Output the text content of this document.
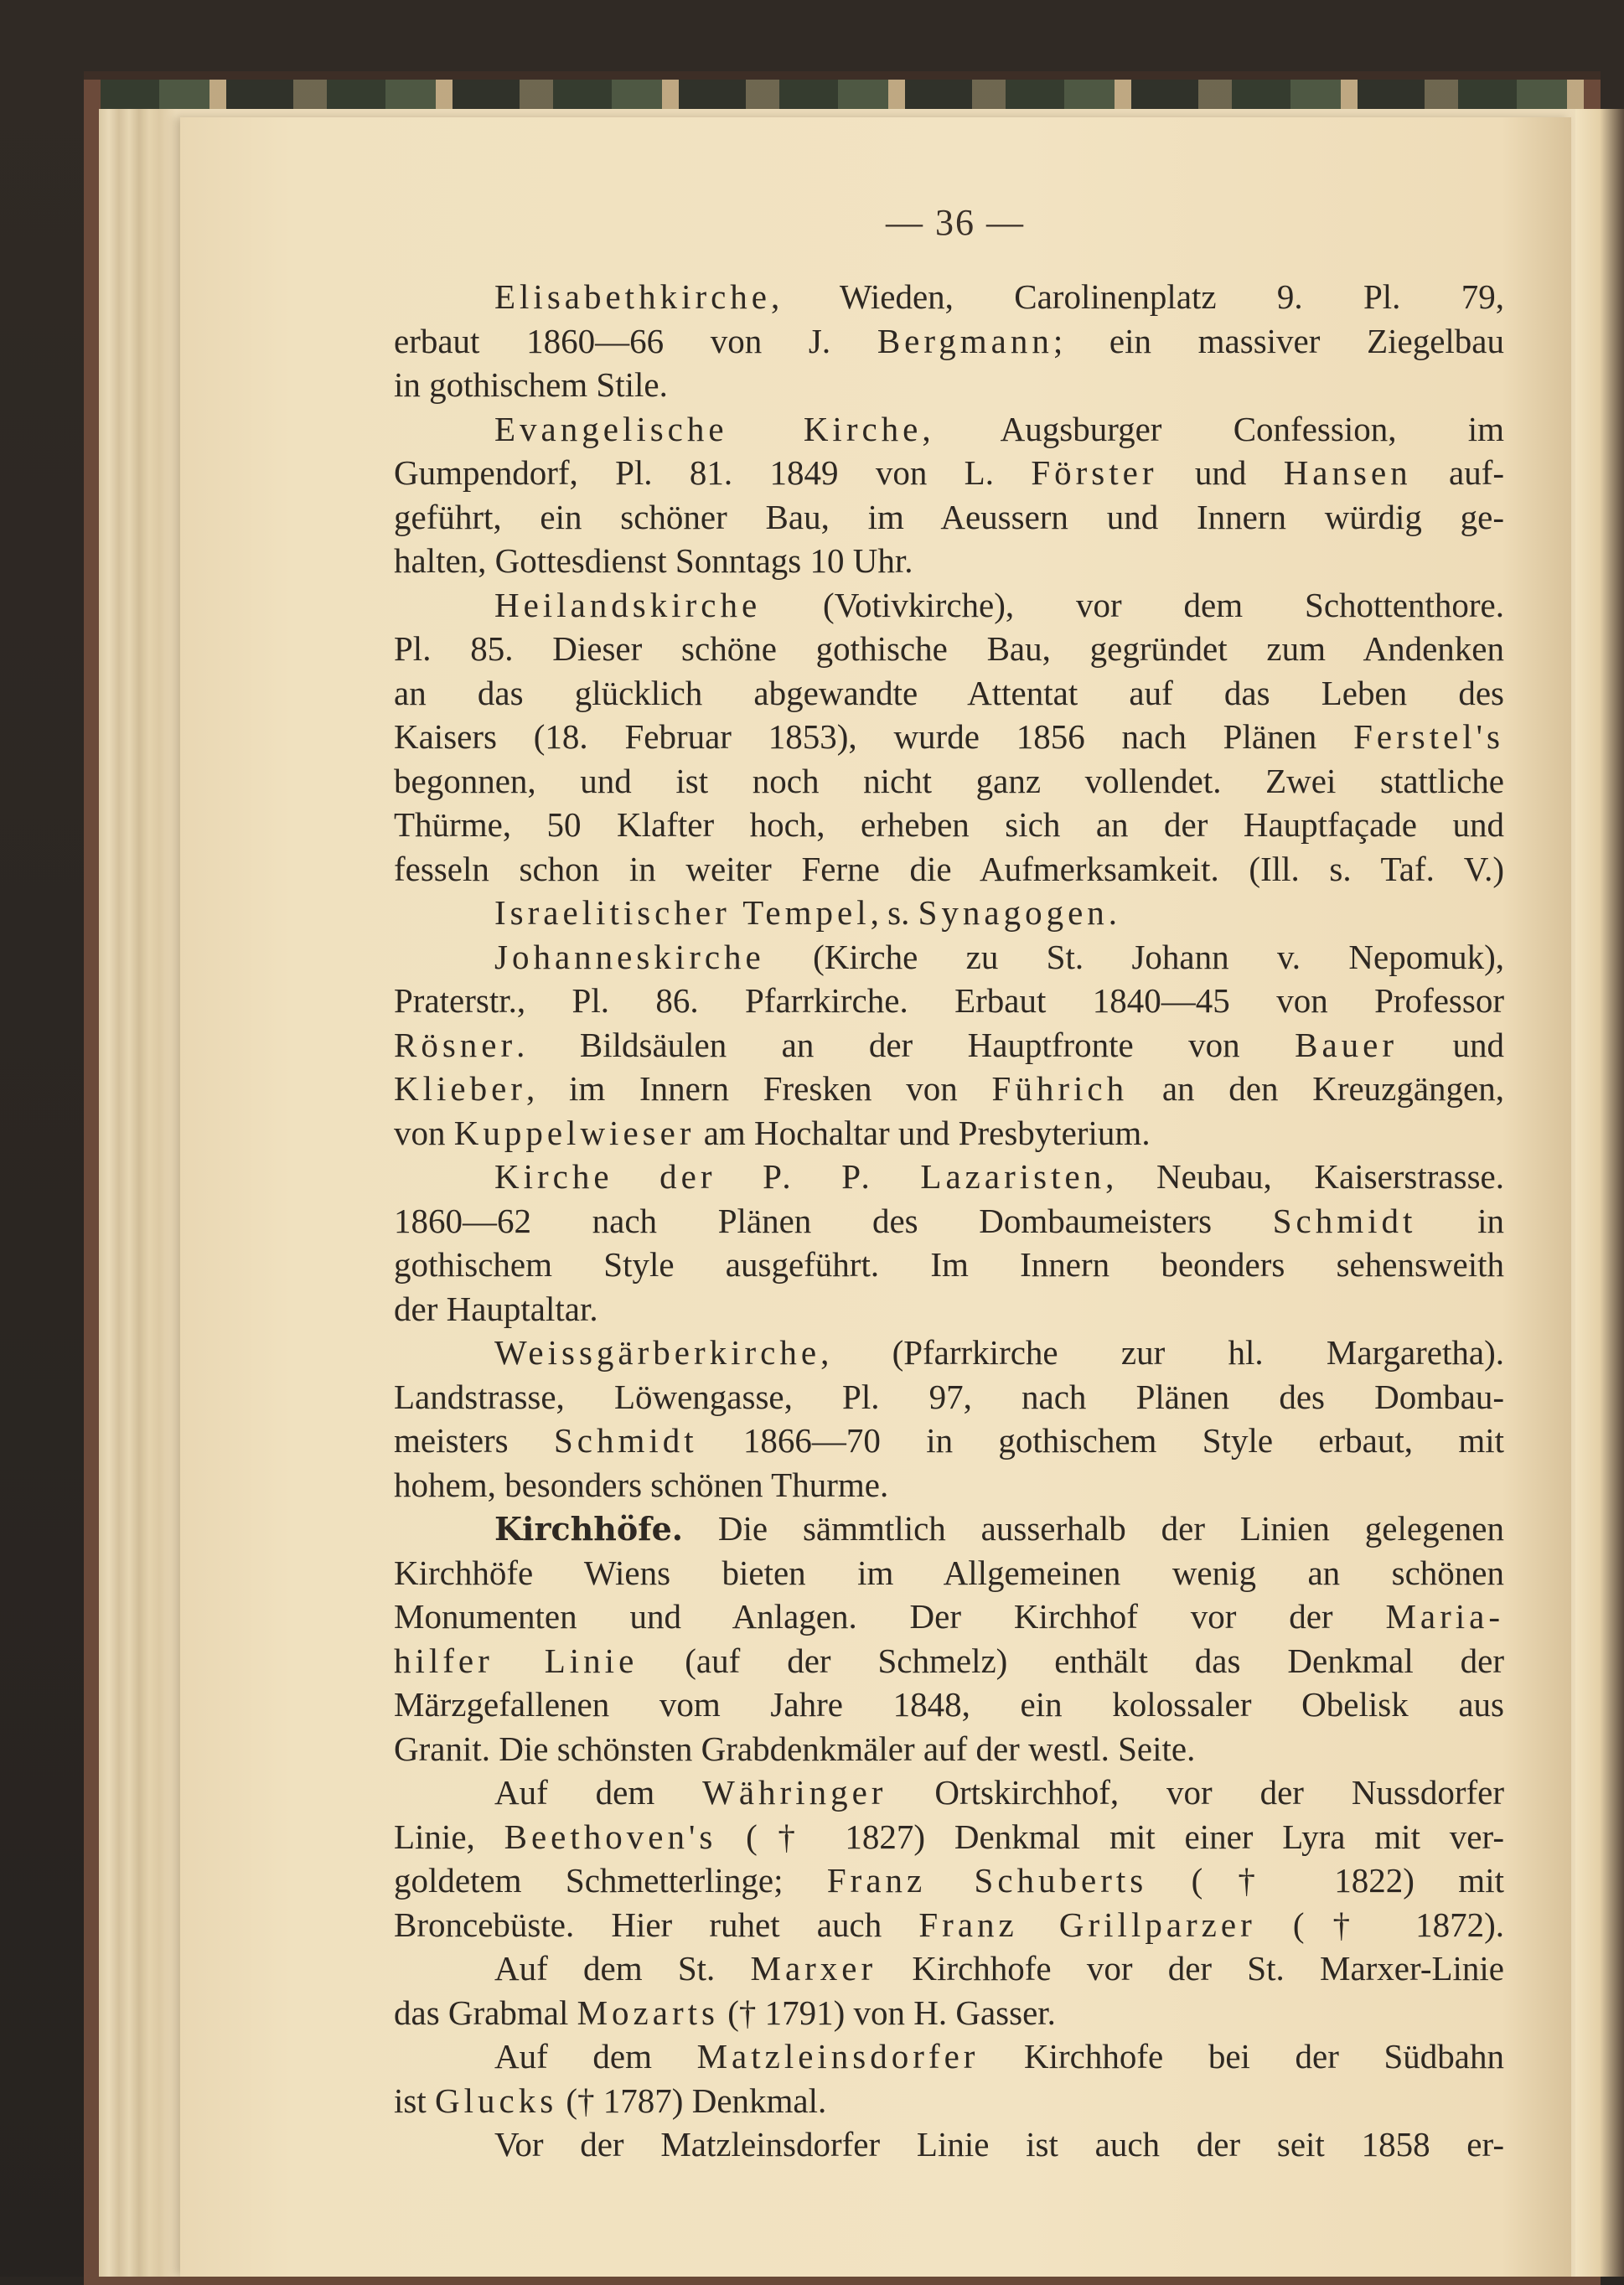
— 36 —
Elisabethkirche, Wieden, Carolinenplatz 9. Pl. 79,
erbaut 1860—66 von J. Bergmann; ein massiver Ziegelbau
in gothischem Stile.
Evangelische Kirche, Augsburger Confession, im
Gumpendorf, Pl. 81. 1849 von L. Förster und Hansen auf-
geführt, ein schöner Bau, im Aeussern und Innern würdig ge-
halten, Gottesdienst Sonntags 10 Uhr.
Heilandskirche (Votivkirche), vor dem Schottenthore.
Pl. 85. Dieser schöne gothische Bau, gegründet zum Andenken
an das glücklich abgewandte Attentat auf das Leben des
Kaisers (18. Februar 1853), wurde 1856 nach Plänen Ferstel's
begonnen, und ist noch nicht ganz vollendet. Zwei stattliche
Thürme, 50 Klafter hoch, erheben sich an der Hauptfaçade und
fesseln schon in weiter Ferne die Aufmerksamkeit. (Ill. s. Taf. V.)
Israelitischer Tempel, s. Synagogen.
Johanneskirche (Kirche zu St. Johann v. Nepomuk),
Praterstr., Pl. 86. Pfarrkirche. Erbaut 1840—45 von Professor
Rösner. Bildsäulen an der Hauptfronte von Bauer und
Klieber, im Innern Fresken von Führich an den Kreuzgängen,
von Kuppelwieser am Hochaltar und Presbyterium.
Kirche der P. P. Lazaristen, Neubau, Kaiserstrasse.
1860—62 nach Plänen des Dombaumeisters Schmidt in
gothischem Style ausgeführt. Im Innern beonders sehensweith
der Hauptaltar.
Weissgärberkirche, (Pfarrkirche zur hl. Margaretha).
Landstrasse, Löwengasse, Pl. 97, nach Plänen des Dombau-
meisters Schmidt 1866—70 in gothischem Style erbaut, mit
hohem, besonders schönen Thurme.
Kirchhöfe. Die sämmtlich ausserhalb der Linien gelegenen
Kirchhöfe Wiens bieten im Allgemeinen wenig an schönen
Monumenten und Anlagen. Der Kirchhof vor der Maria-
hilfer Linie (auf der Schmelz) enthält das Denkmal der
Märzgefallenen vom Jahre 1848, ein kolossaler Obelisk aus
Granit. Die schönsten Grabdenkmäler auf der westl. Seite.
Auf dem Währinger Ortskirchhof, vor der Nussdorfer
Linie, Beethoven's († 1827) Denkmal mit einer Lyra mit ver-
goldetem Schmetterlinge; Franz Schuberts († 1822) mit
Broncebüste. Hier ruhet auch Franz Grillparzer († 1872).
Auf dem St. Marxer Kirchhofe vor der St. Marxer-Linie
das Grabmal Mozarts († 1791) von H. Gasser.
Auf dem Matzleinsdorfer Kirchhofe bei der Südbahn
ist Glucks († 1787) Denkmal.
Vor der Matzleinsdorfer Linie ist auch der seit 1858 er-
